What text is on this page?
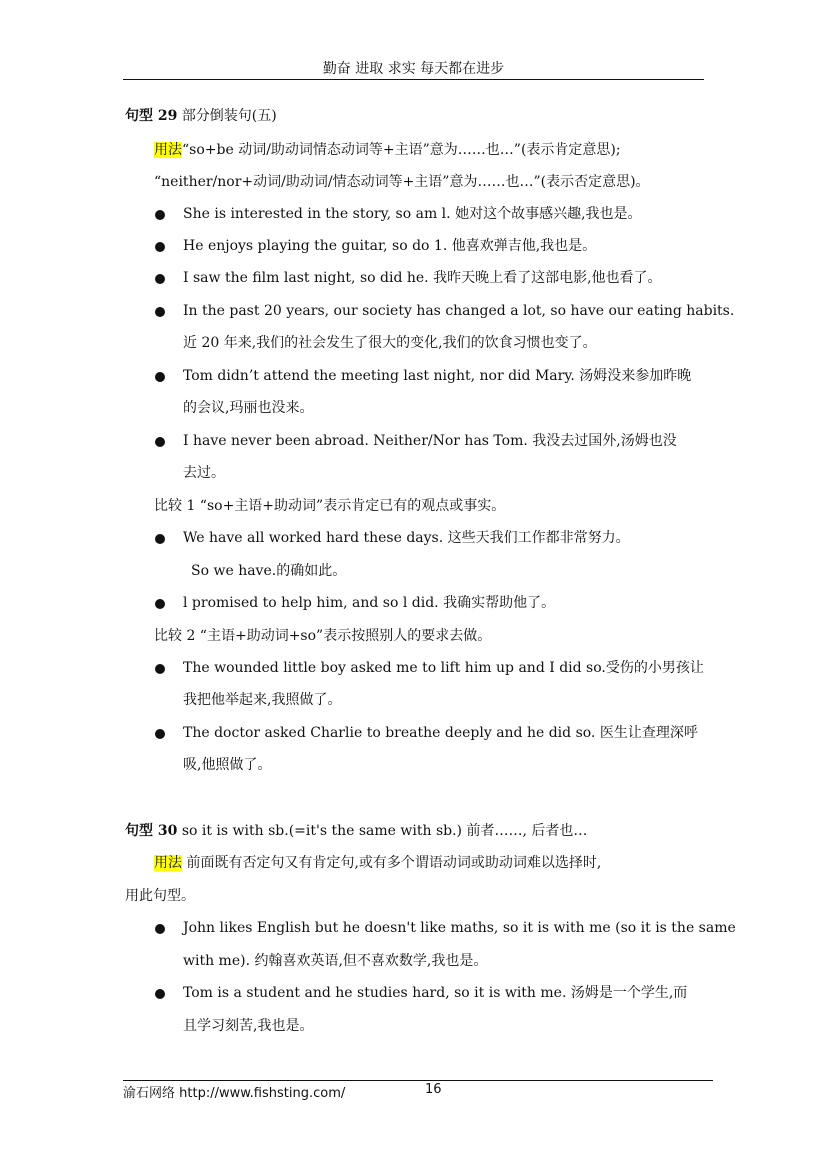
勤奋 进取 求实 每天都在进步
句型 29 部分倒装句(五)
用法“so+be 动词/助动词情态动词等+主语”意为……也…”(表示肯定意思);
“neither/nor+动词/助动词/情态动词等+主语”意为……也…”(表示否定意思)。
She is interested in the story, so am l. 她对这个故事感兴趣,我也是。
He enjoys playing the guitar, so do 1. 他喜欢弹吉他,我也是。
I saw the film last night, so did he. 我昨天晚上看了这部电影,他也看了。
In the past 20 years, our society has changed a lot, so have our eating habits.
近 20 年来,我们的社会发生了很大的变化,我们的饮食习惯也变了。
Tom didn’t attend the meeting last night, nor did Mary. 汤姆没来参加昨晚
的会议,玛丽也没来。
I have never been abroad. Neither/Nor has Tom. 我没去过国外,汤姆也没
去过。
比较 1 “so+主语+助动词”表示肯定已有的观点或事实。
We have all worked hard these days. 这些天我们工作都非常努力。
So we have.的确如此。
l promised to help him, and so l did. 我确实帮助他了。
比较 2 “主语+助动词+so”表示按照别人的要求去做。
The wounded little boy asked me to lift him up and I did so.受伤的小男孩让
我把他举起来,我照做了。
The doctor asked Charlie to breathe deeply and he did so. 医生让查理深呼
吸,他照做了。
句型 30 so it is with sb.(=it's the same with sb.) 前者……, 后者也…
用法 前面既有否定句又有肯定句,或有多个谓语动词或助动词难以选择时,
用此句型。
John likes English but he doesn't like maths, so it is with me (so it is the same
with me). 约翰喜欢英语,但不喜欢数学,我也是。
Tom is a student and he studies hard, so it is with me. 汤姆是一个学生,而
且学习刻苦,我也是。
渝石网络 http://www.fishsting.com/	16
